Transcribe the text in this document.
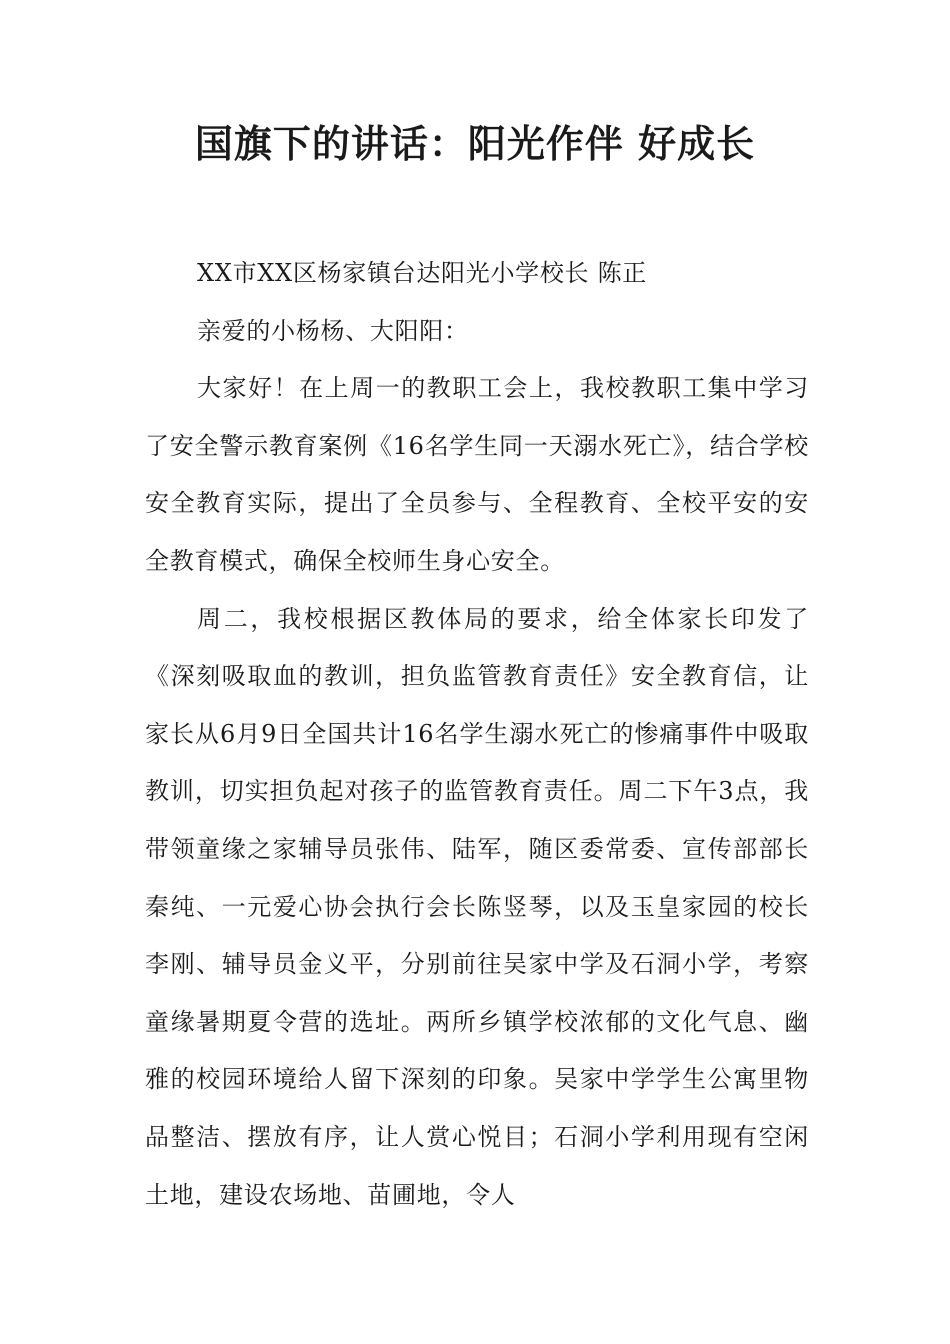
国旗下的讲话：阳光作伴 好成长

XX市XX区杨家镇台达阳光小学校长 陈正

亲爱的小杨杨、大阳阳：

大家好！在上周一的教职工会上，我校教职工集中学习了安全警示教育案例《16名学生同一天溺水死亡》，结合学校安全教育实际，提出了全员参与、全程教育、全校平安的安全教育模式，确保全校师生身心安全。

周二，我校根据区教体局的要求，给全体家长印发了《深刻吸取血的教训，担负监管教育责任》安全教育信，让家长从6月9日全国共计16名学生溺水死亡的惨痛事件中吸取教训，切实担负起对孩子的监管教育责任。周二下午3点，我带领童缘之家辅导员张伟、陆军，随区委常委、宣传部部长秦纯、一元爱心协会执行会长陈竖琴，以及玉皇家园的校长李刚、辅导员金义平，分别前往吴家中学及石洞小学，考察童缘暑期夏令营的选址。两所乡镇学校浓郁的文化气息、幽雅的校园环境给人留下深刻的印象。吴家中学学生公寓里物品整洁、摆放有序，让人赏心悦目；石洞小学利用现有空闲土地，建设农场地、苗圃地，令人
